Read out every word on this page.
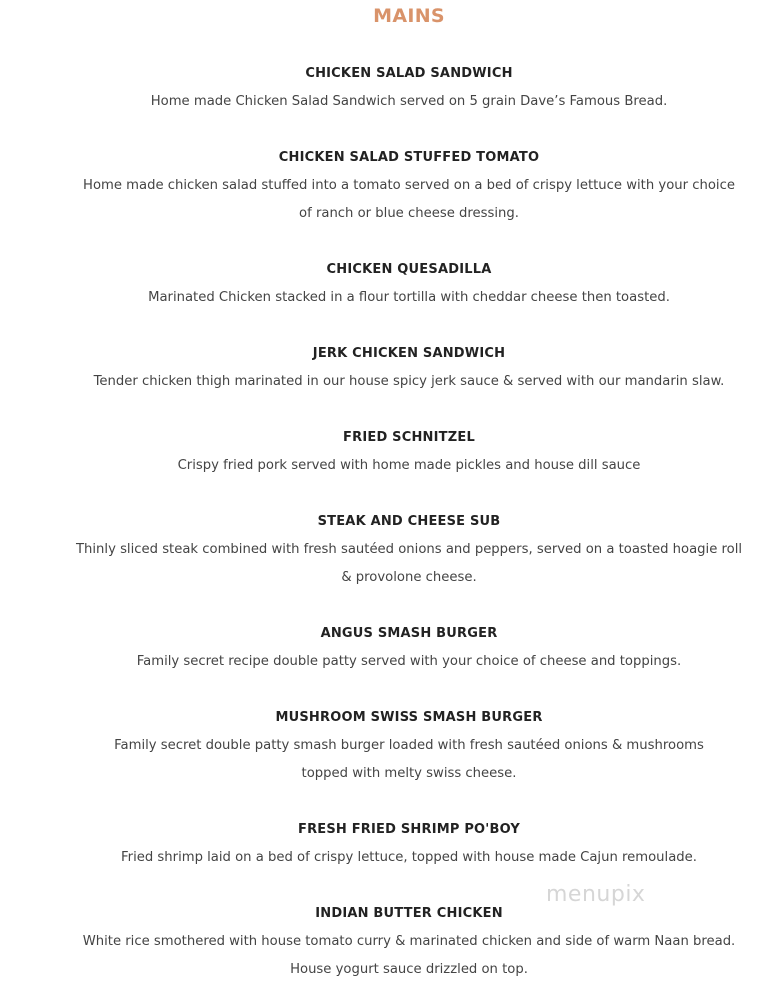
MAINS
CHICKEN SALAD SANDWICH
Home made Chicken Salad Sandwich served on 5 grain Dave’s Famous Bread.
CHICKEN SALAD STUFFED TOMATO
Home made chicken salad stuffed into a tomato served on a bed of crispy lettuce with your choice
of ranch or blue cheese dressing.
CHICKEN QUESADILLA
Marinated Chicken stacked in a flour tortilla with cheddar cheese then toasted.
JERK CHICKEN SANDWICH
Tender chicken thigh marinated in our house spicy jerk sauce & served with our mandarin slaw.
FRIED SCHNITZEL
Crispy fried pork served with home made pickles and house dill sauce
STEAK AND CHEESE SUB
Thinly sliced steak combined with fresh sautéed onions and peppers, served on a toasted hoagie roll
& provolone cheese.
ANGUS SMASH BURGER
Family secret recipe double patty served with your choice of cheese and toppings.
MUSHROOM SWISS SMASH BURGER
Family secret double patty smash burger loaded with fresh sautéed onions & mushrooms
topped with melty swiss cheese.
FRESH FRIED SHRIMP PO'BOY
Fried shrimp laid on a bed of crispy lettuce, topped with house made Cajun remoulade.
INDIAN BUTTER CHICKEN
White rice smothered with house tomato curry & marinated chicken and side of warm Naan bread.
House yogurt sauce drizzled on top.
menupix
